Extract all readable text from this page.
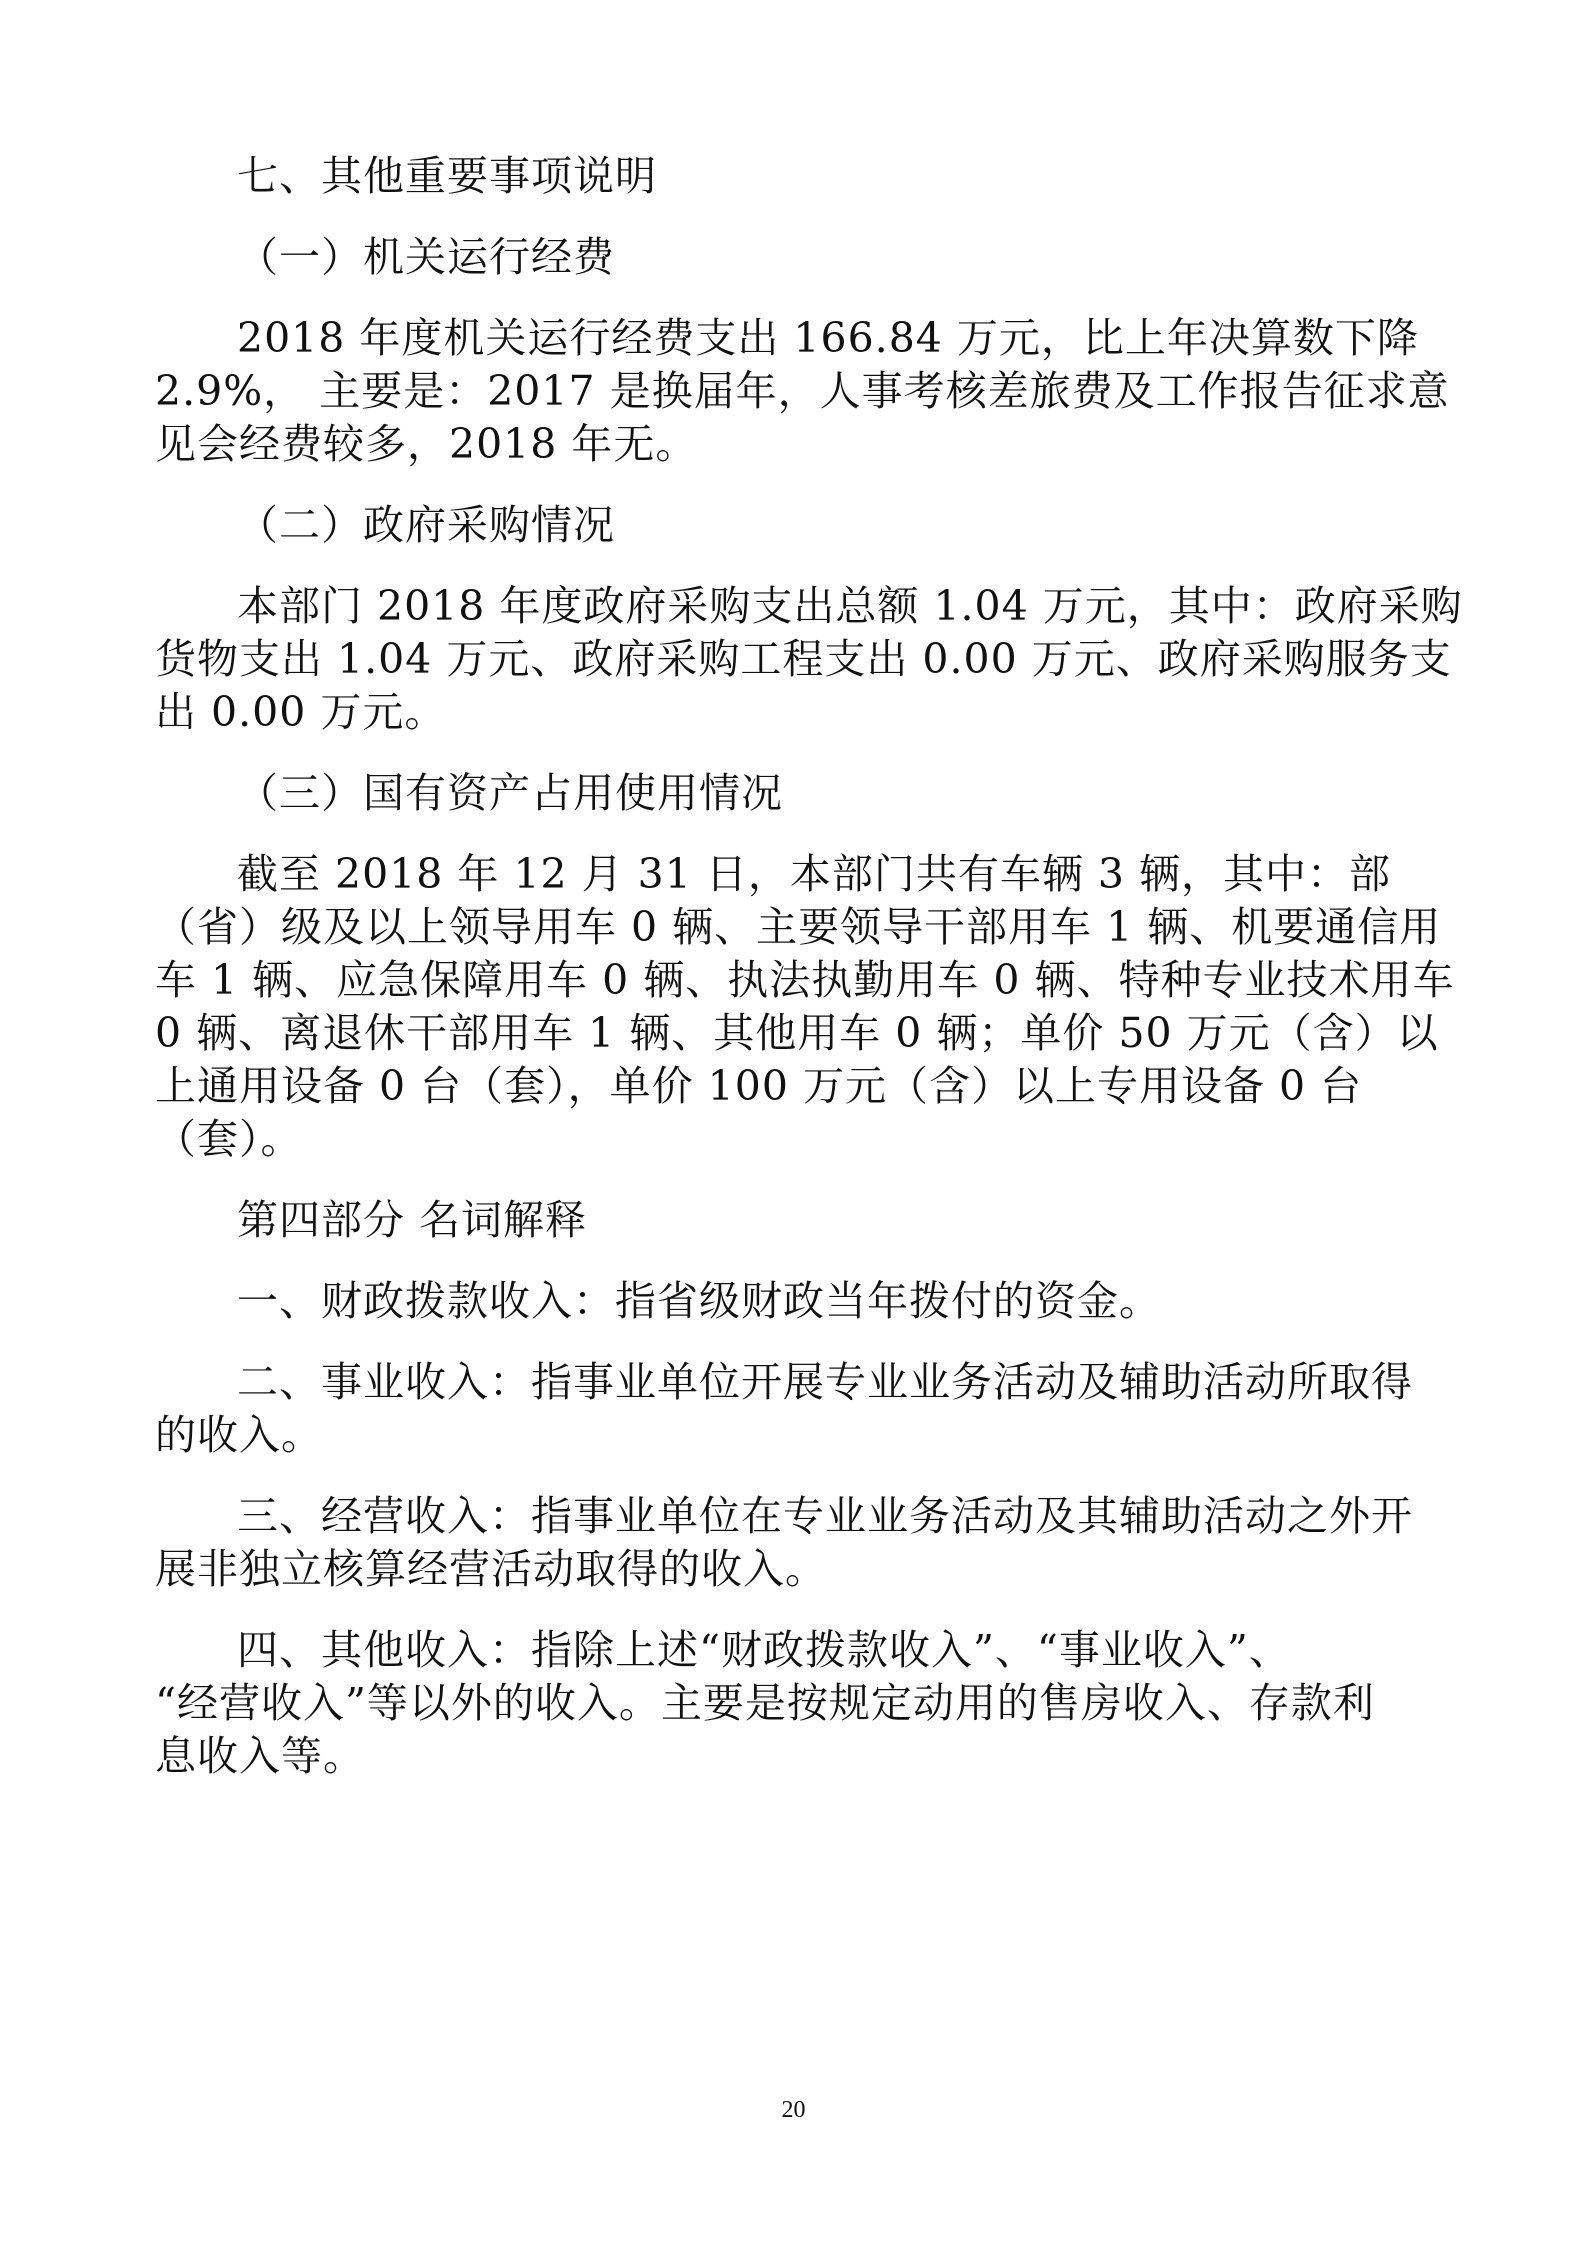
七、其他重要事项说明
（一）机关运行经费
2018 年度机关运行经费支出 166.84 万元，比上年决算数下降
2.9%， 主要是：2017 是换届年，人事考核差旅费及工作报告征求意
见会经费较多，2018 年无。
（二）政府采购情况
本部门 2018 年度政府采购支出总额 1.04 万元，其中：政府采购
货物支出 1.04 万元、政府采购工程支出 0.00 万元、政府采购服务支
出 0.00 万元。
（三）国有资产占用使用情况
截至 2018 年 12 月 31 日，本部门共有车辆 3 辆，其中：部
（省）级及以上领导用车 0 辆、主要领导干部用车 1 辆、机要通信用
车 1 辆、应急保障用车 0 辆、执法执勤用车 0 辆、特种专业技术用车
0 辆、离退休干部用车 1 辆、其他用车 0 辆；单价 50 万元（含）以
上通用设备 0 台（套），单价 100 万元（含）以上专用设备 0 台
（套）。
第四部分 名词解释
一、财政拨款收入：指省级财政当年拨付的资金。
二、事业收入：指事业单位开展专业业务活动及辅助活动所取得
的收入。
三、经营收入：指事业单位在专业业务活动及其辅助活动之外开
展非独立核算经营活动取得的收入。
四、其他收入：指除上述“财政拨款收入”、“事业收入”、
“经营收入”等以外的收入。主要是按规定动用的售房收入、存款利
息收入等。
20
